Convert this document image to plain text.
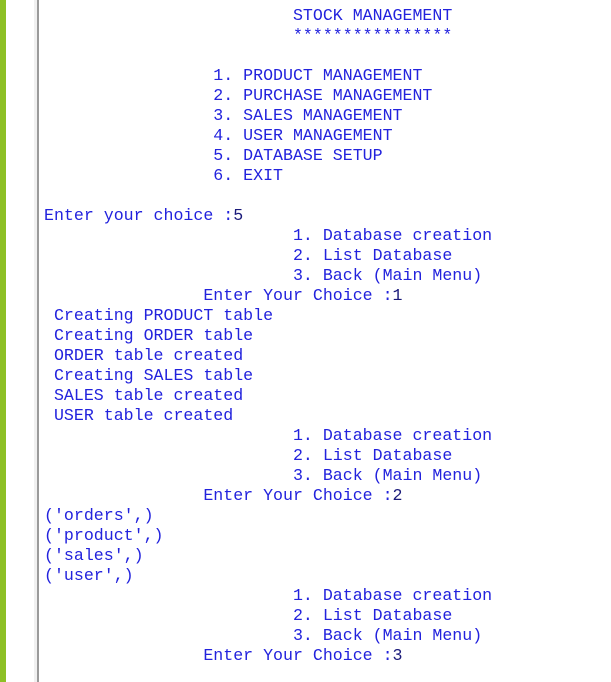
STOCK MANAGEMENT
****************
1. PRODUCT MANAGEMENT
2. PURCHASE MANAGEMENT
3. SALES MANAGEMENT
4. USER MANAGEMENT
5. DATABASE SETUP
6. EXIT
Enter your choice :5
1. Database creation
2. List Database
3. Back (Main Menu)
Enter Your Choice :1
Creating PRODUCT table
Creating ORDER table
ORDER table created
Creating SALES table
SALES table created
USER table created
1. Database creation
2. List Database
3. Back (Main Menu)
Enter Your Choice :2
('orders',)
('product',)
('sales',)
('user',)
1. Database creation
2. List Database
3. Back (Main Menu)
Enter Your Choice :3
